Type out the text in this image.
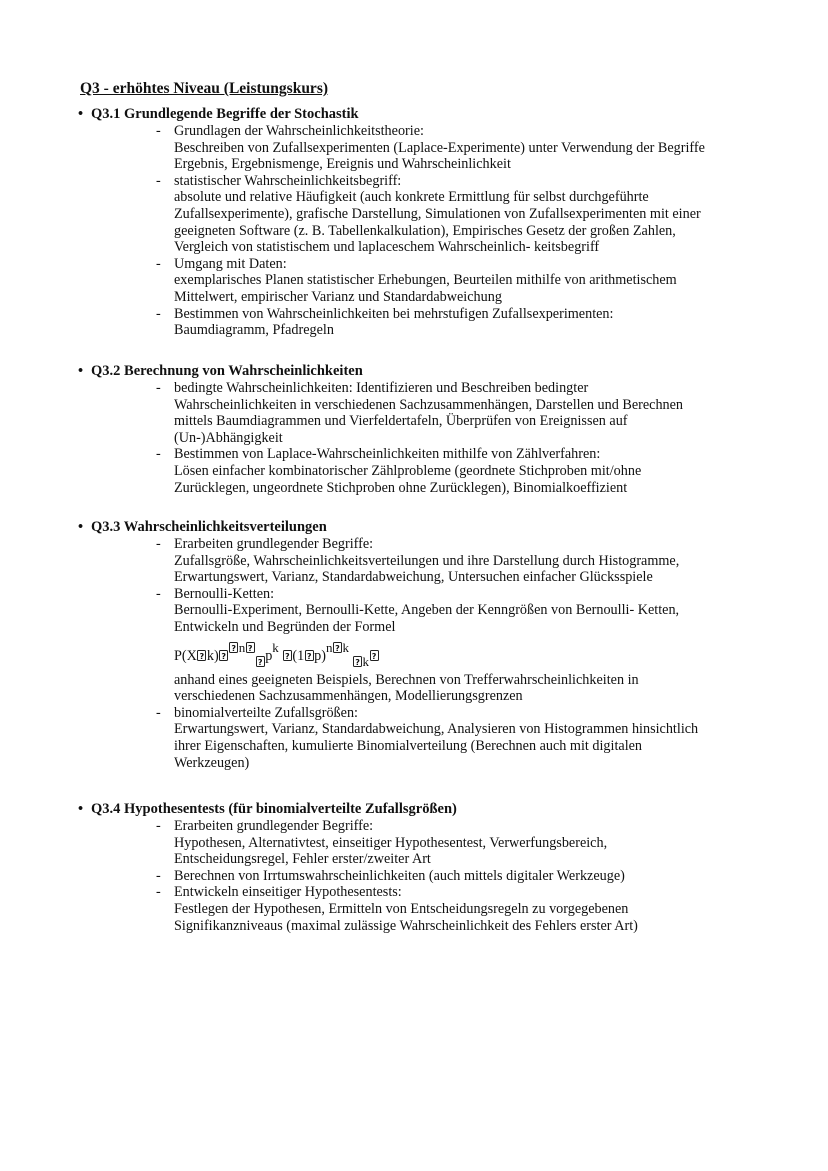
Q3 - erhöhtes Niveau (Leistungskurs)
• Q3.1 Grundlegende Begriffe der Stochastik
- Grundlagen der Wahrscheinlichkeitstheorie:
Beschreiben von Zufallsexperimenten (Laplace-Experimente) unter Verwendung der Begriffe
Ergebnis, Ergebnismenge, Ereignis und Wahrscheinlichkeit
- statistischer Wahrscheinlichkeitsbegriff:
absolute und relative Häufigkeit (auch konkrete Ermittlung für selbst durchgeführte
Zufallsexperimente), grafische Darstellung, Simulationen von Zufallsexperimenten mit einer
geeigneten Software (z. B. Tabellenkalkulation), Empirisches Gesetz der großen Zahlen,
Vergleich von statistischem und laplaceschem Wahrscheinlich- keitsbegriff
- Umgang mit Daten:
exemplarisches Planen statistischer Erhebungen, Beurteilen mithilfe von arithmetischem
Mittelwert, empirischer Varianz und Standardabweichung
- Bestimmen von Wahrscheinlichkeiten bei mehrstufigen Zufallsexperimenten:
Baumdiagramm, Pfadregeln
• Q3.2 Berechnung von Wahrscheinlichkeiten
- bedingte Wahrscheinlichkeiten: Identifizieren und Beschreiben bedingter
Wahrscheinlichkeiten in verschiedenen Sachzusammenhängen, Darstellen und Berechnen
mittels Baumdiagrammen und Vierfeldertafeln, Überprüfen von Ereignissen auf
(Un-)Abhängigkeit
- Bestimmen von Laplace-Wahrscheinlichkeiten mithilfe von Zählverfahren:
Lösen einfacher kombinatorischer Zählprobleme (geordnete Stichproben mit/ohne
Zurücklegen, ungeordnete Stichproben ohne Zurücklegen), Binomialkoeffizient
• Q3.3 Wahrscheinlichkeitsverteilungen
- Erarbeiten grundlegender Begriffe:
Zufallsgröße, Wahrscheinlichkeitsverteilungen und ihre Darstellung durch Histogramme,
Erwartungswert, Varianz, Standardabweichung, Untersuchen einfacher Glücksspiele
- Bernoulli-Ketten:
Bernoulli-Experiment, Bernoulli-Kette, Angeben der Kenngrößen von Bernoulli- Ketten,
Entwickeln und Begründen der Formel
P(X ? k)??n??pk ?(1 ? p)n ? k ?k?
anhand eines geeigneten Beispiels, Berechnen von Trefferwahrscheinlichkeiten in
verschiedenen Sachzusammenhängen, Modellierungsgrenzen
- binomialverteilte Zufallsgrößen:
Erwartungswert, Varianz, Standardabweichung, Analysieren von Histogrammen hinsichtlich
ihrer Eigenschaften, kumulierte Binomialverteilung (Berechnen auch mit digitalen
Werkzeugen)
• Q3.4 Hypothesentests (für binomialverteilte Zufallsgrößen)
- Erarbeiten grundlegender Begriffe:
Hypothesen, Alternativtest, einseitiger Hypothesentest, Verwerfungsbereich,
Entscheidungsregel, Fehler erster/zweiter Art
- Berechnen von Irrtumswahrscheinlichkeiten (auch mittels digitaler Werkzeuge)
- Entwickeln einseitiger Hypothesentests:
Festlegen der Hypothesen, Ermitteln von Entscheidungsregeln zu vorgegebenen
Signifikanzniveaus (maximal zulässige Wahrscheinlichkeit des Fehlers erster Art)
